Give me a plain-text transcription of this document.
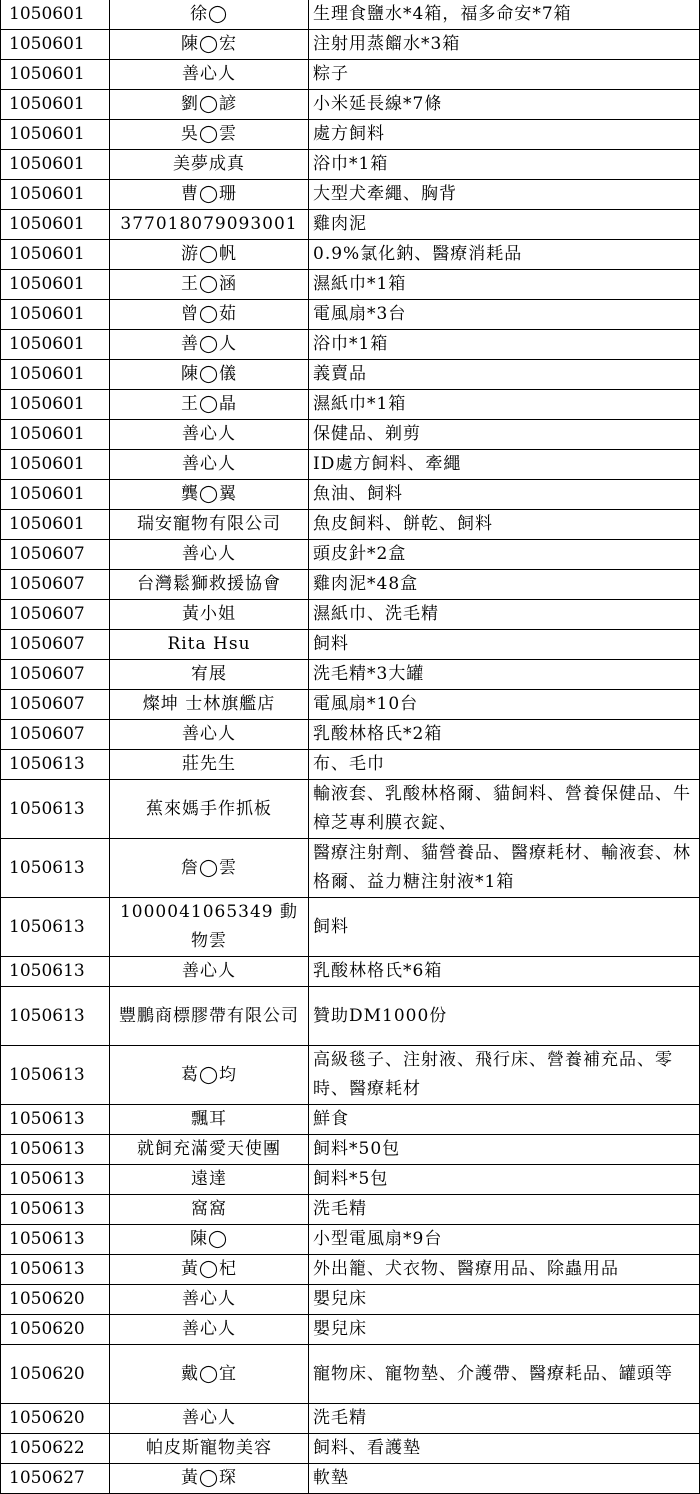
1050601	徐◯	生理食鹽水*4箱，福多命安*7箱

1050601	陳◯宏	注射用蒸餾水*3箱

1050601	善心人	粽子

1050601	劉◯諺	小米延長線*7條

1050601	吳◯雲	處方飼料

1050601	美夢成真	浴巾*1箱

1050601	曹◯珊	大型犬牽繩、胸背

1050601	377018079093001	雞肉泥

1050601	游◯帆	0.9%氯化鈉、醫療消耗品

1050601	王◯涵	濕紙巾*1箱

1050601	曾◯茹	電風扇*3台

1050601	善◯人	浴巾*1箱

1050601	陳◯儀	義賣品

1050601	王◯晶	濕紙巾*1箱

1050601	善心人	保健品、剃剪

1050601	善心人	ID處方飼料、牽繩

1050601	龔◯翼	魚油、飼料

1050601	瑞安寵物有限公司	魚皮飼料、餅乾、飼料

1050607	善心人	頭皮針*2盒

1050607	台灣鬆獅救援協會	雞肉泥*48盒

1050607	黃小姐	濕紙巾、洗毛精

1050607	Rita Hsu	飼料

1050607	宥展	洗毛精*3大罐

1050607	燦坤 士林旗艦店	電風扇*10台

1050607	善心人	乳酸林格氏*2箱

1050613	莊先生	布、毛巾

1050613	蕉來媽手作抓板	輸液套、乳酸林格爾、貓飼料、營養保健品、牛樟芝專利膜衣錠、

1050613	詹◯雲	醫療注射劑、貓營養品、醫療耗材、輸液套、林格爾、益力糖注射液*1箱

1050613	1000041065349 動物雲	飼料

1050613	善心人	乳酸林格氏*6箱

1050613	豐鵬商標膠帶有限公司	贊助DM1000份

1050613	葛◯均	高級毯子、注射液、飛行床、營養補充品、零時、醫療耗材

1050613	飄耳	鮮食

1050613	就飼充滿愛天使團	飼料*50包

1050613	遠達	飼料*5包

1050613	窩窩	洗毛精

1050613	陳◯	小型電風扇*9台

1050613	黃◯杞	外出籠、犬衣物、醫療用品、除蟲用品

1050620	善心人	嬰兒床

1050620	善心人	嬰兒床

1050620	戴◯宜	寵物床、寵物墊、介護帶、醫療耗品、罐頭等

1050620	善心人	洗毛精

1050622	帕皮斯寵物美容	飼料、看護墊

1050627	黃◯琛	軟墊
